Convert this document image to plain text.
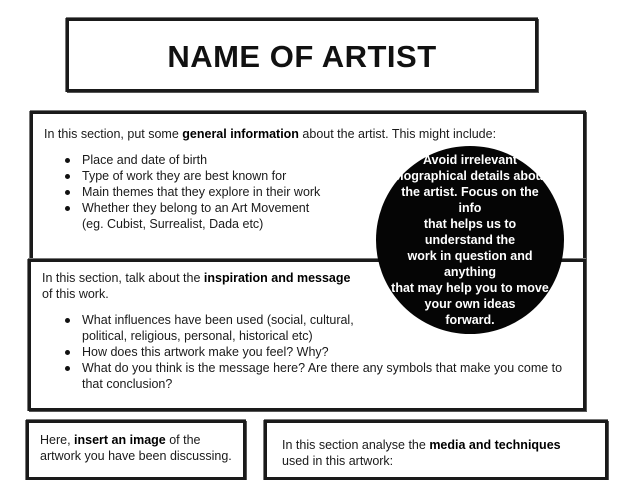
NAME OF ARTIST
In this section, put some general information about the artist. This might include:
Place and date of birth
Type of work they are best known for
Main themes that they explore in their work
Whether they belong to an Art Movement
(eg. Cubist, Surrealist, Dada etc)
In this section, talk about the inspiration and message
of this work.
What influences have been used (social, cultural,
political, religious, personal, historical etc)
How does this artwork make you feel? Why?
What do you think is the message here? Are there any symbols that make you come to
that conclusion?
Avoid irrelevant
biographical details about
the artist. Focus on the info
that helps us to understand the
work in question and anything
that may help you to move
your own ideas
forward.
Here, insert an image of the
artwork you have been discussing.
In this section analyse the media and techniques
used in this artwork:
